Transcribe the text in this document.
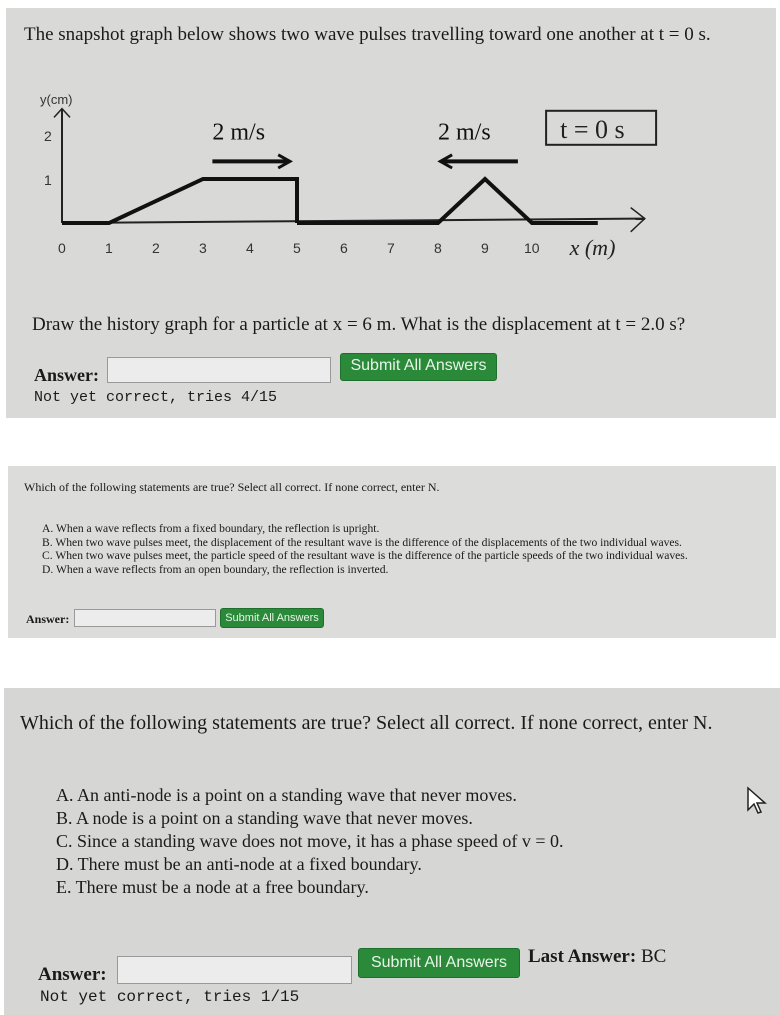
The snapshot graph below shows two wave pulses travelling toward one another at t = 0 s.
y(cm)
1
2
0	1	2	3	4	5	6	7	8	9	10 x (m)
2 m/s	2 m/s	t = 0 s
Draw the history graph for a particle at x = 6 m. What is the displacement at t = 2.0 s?
Answer:	Submit All Answers
Not yet correct, tries 4/15
Which of the following statements are true? Select all correct. If none correct, enter N.
A. When a wave reflects from a fixed boundary, the reflection is upright.
B. When two wave pulses meet, the displacement of the resultant wave is the difference of the displacements of the two individual waves.
C. When two wave pulses meet, the particle speed of the resultant wave is the difference of the particle speeds of the two individual waves.
D. When a wave reflects from an open boundary, the reflection is inverted.
Answer:	Submit All Answers
Which of the following statements are true? Select all correct. If none correct, enter N.
A. An anti-node is a point on a standing wave that never moves.
B. A node is a point on a standing wave that never moves.
C. Since a standing wave does not move, it has a phase speed of v = 0.
D. There must be an anti-node at a fixed boundary.
E. There must be a node at a free boundary.
Answer:
Submit All Answers	Last Answer: BC
Not yet correct, tries 1/15
